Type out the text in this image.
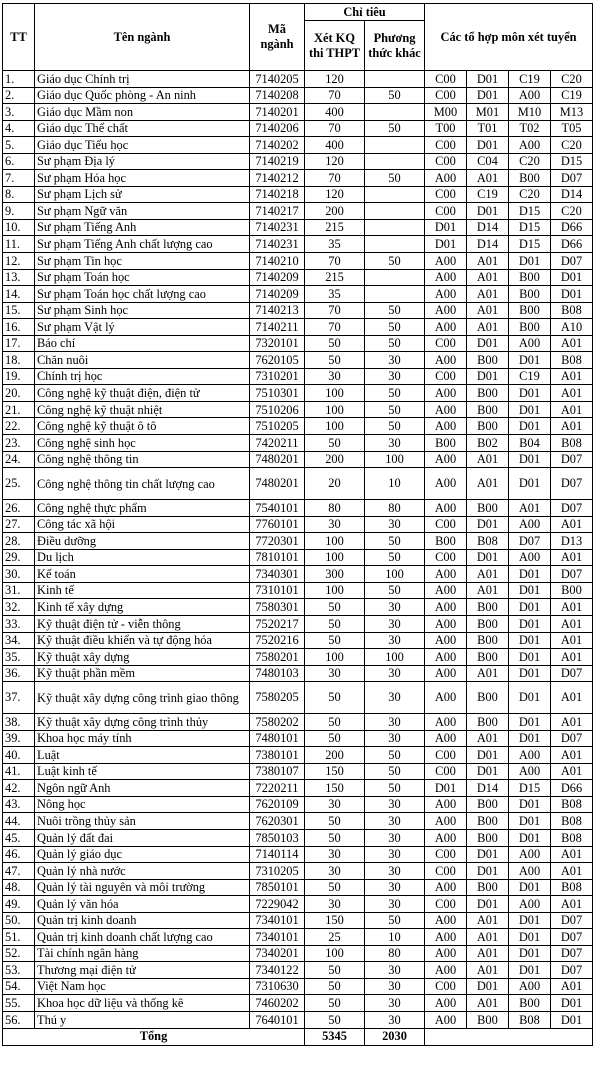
TT	Tên ngành	Mã ngành	Chỉ tiêu		Các tổ hợp môn xét tuyển			
			Xét KQ thi THPT	Phương thức khác				
1.	Giáo dục Chính trị	7140205	120		C00	D01	C19	C20
2.	Giáo dục Quốc phòng - An ninh	7140208	70	50	C00	D01	A00	C19
3.	Giáo dục Mầm non	7140201	400		M00	M01	M10	M13
4.	Giáo dục Thể chất	7140206	70	50	T00	T01	T02	T05
5.	Giáo dục Tiểu học	7140202	400		C00	D01	A00	C20
6.	Sư phạm Địa lý	7140219	120		C00	C04	C20	D15
7.	Sư phạm Hóa học	7140212	70	50	A00	A01	B00	D07
8.	Sư phạm Lịch sử	7140218	120		C00	C19	C20	D14
9.	Sư phạm Ngữ văn	7140217	200		C00	D01	D15	C20
10.	Sư phạm Tiếng Anh	7140231	215		D01	D14	D15	D66
11.	Sư phạm Tiếng Anh chất lượng cao	7140231	35		D01	D14	D15	D66
12.	Sư phạm Tin học	7140210	70	50	A00	A01	D01	D07
13.	Sư phạm Toán học	7140209	215		A00	A01	B00	D01
14.	Sư phạm Toán học chất lượng cao	7140209	35		A00	A01	B00	D01
15.	Sư phạm Sinh học	7140213	70	50	A00	A01	B00	B08
16.	Sư phạm Vật lý	7140211	70	50	A00	A01	B00	A10
17.	Báo chí	7320101	50	50	C00	D01	A00	A01
18.	Chăn nuôi	7620105	50	30	A00	B00	D01	B08
19.	Chính trị học	7310201	30	30	C00	D01	C19	A01
20.	Công nghệ kỹ thuật điện, điện tử	7510301	100	50	A00	B00	D01	A01
21.	Công nghệ kỹ thuật nhiệt	7510206	100	50	A00	B00	D01	A01
22.	Công nghệ kỹ thuật ô tô	7510205	100	50	A00	B00	D01	A01
23.	Công nghệ sinh học	7420211	50	30	B00	B02	B04	B08
24.	Công nghệ thông tin	7480201	200	100	A00	A01	D01	D07
25.	Công nghệ thông tin chất lượng cao	7480201	20	10	A00	A01	D01	D07
26.	Công nghệ thực phẩm	7540101	80	80	A00	B00	A01	D07
27.	Công tác xã hội	7760101	30	30	C00	D01	A00	A01
28.	Điều dưỡng	7720301	100	50	B00	B08	D07	D13
29.	Du lịch	7810101	100	50	C00	D01	A00	A01
30.	Kế toán	7340301	300	100	A00	A01	D01	D07
31.	Kinh tế	7310101	100	50	A00	A01	D01	B00
32.	Kinh tế xây dựng	7580301	50	30	A00	B00	D01	A01
33.	Kỹ thuật điện tử - viễn thông	7520217	50	30	A00	B00	D01	A01
34.	Kỹ thuật điều khiển và tự động hóa	7520216	50	30	A00	B00	D01	A01
35.	Kỹ thuật xây dựng	7580201	100	100	A00	B00	D01	A01
36.	Kỹ thuật phần mềm	7480103	30	30	A00	A01	D01	D07
37.	Kỹ thuật xây dựng công trình giao thông	7580205	50	30	A00	B00	D01	A01
38.	Kỹ thuật xây dựng công trình thủy	7580202	50	30	A00	B00	D01	A01
39.	Khoa học máy tính	7480101	50	30	A00	A01	D01	D07
40.	Luật	7380101	200	50	C00	D01	A00	A01
41.	Luật kinh tế	7380107	150	50	C00	D01	A00	A01
42.	Ngôn ngữ Anh	7220211	150	50	D01	D14	D15	D66
43.	Nông học	7620109	30	30	A00	B00	D01	B08
44.	Nuôi trồng thủy sản	7620301	50	30	A00	B00	D01	B08
45.	Quản lý đất đai	7850103	50	30	A00	B00	D01	B08
46.	Quản lý giáo dục	7140114	30	30	C00	D01	A00	A01
47.	Quản lý nhà nước	7310205	30	30	C00	D01	A00	A01
48.	Quản lý tài nguyên và môi trường	7850101	50	30	A00	B00	D01	B08
49.	Quản lý văn hóa	7229042	30	30	C00	D01	A00	A01
50.	Quản trị kinh doanh	7340101	150	50	A00	A01	D01	D07
51.	Quản trị kinh doanh chất lượng cao	7340101	25	10	A00	A01	D01	D07
52.	Tài chính ngân hàng	7340201	100	80	A00	A01	D01	D07
53.	Thương mại điện tử	7340122	50	30	A00	A01	D01	D07
54.	Việt Nam học	7310630	50	30	C00	D01	A00	A01
55.	Khoa học dữ liệu và thống kê	7460202	50	30	A00	A01	B00	D01
56.	Thú y	7640101	50	30	A00	B00	B08	D01
Tổng			5345	2030				
